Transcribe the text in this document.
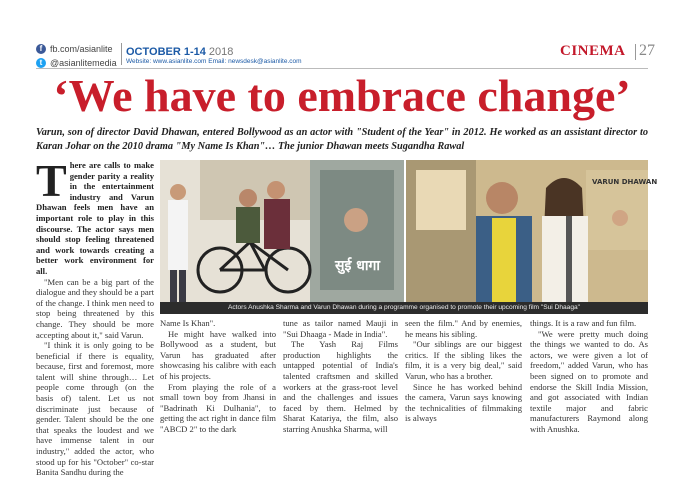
f fb.com/asianlite
t @asianlitemedia
OCTOBER 1-14 2018
Website: www.asianlite.com Email: newsdesk@asianlite.com
CINEMA 27
‘We have to embrace change’
Varun, son of director David Dhawan, entered Bollywood as an actor with "Student of the Year" in 2012. He worked as an assistant director to Karan Johar on the 2010 drama "My Name Is Khan"… The junior Dhawan meets Sugandha Rawal
T here are calls to make gender parity a reality in the entertainment industry and Varun Dhawan feels men have an important role to play in this discourse. The actor says men should stop feeling threatened and work towards creating a better work environment for all.

"Men can be a big part of the dialogue and they should be a part of the change. I think men need to stop being threatened by this change. They should be more accepting about it," said Varun.

"I think it is only going to be beneficial if there is equality, because, first and foremost, more talent will shine through… Let people come through (on the basis of) talent. Let us not discriminate just because of gender. Talent should be the one that speaks the loudest and we have immense talent in our industry," added the actor, who stood up for his "October" co-star Banita Sandhu during the

सुई धागा
VARUN DHAWAN
Actors Anushka Sharma and Varun Dhawan during a programme organised to promote their upcoming film "Sui Dhaaga"

Name Is Khan".

He might have walked into Bollywood as a student, but Varun has graduated after showcasing his calibre with each of his projects.

From playing the role of a small town boy from Jhansi in "Badrinath Ki Dulhania", to getting the act right in dance film "ABCD 2" to the dark

tune as tailor named Mauji in "Sui Dhaaga - Made in India".

The Yash Raj Films production highlights the untapped potential of India's talented craftsmen and skilled workers at the grass-root level and the challenges and issues faced by them. Helmed by Sharat Katariya, the film, also starring Anushka Sharma, will

seen the film." And by enemies, he means his sibling.

"Our siblings are our biggest critics. If the sibling likes the film, it is a very big deal," said Varun, who has a brother.

Since he has worked behind the camera, Varun says knowing the technicalities of filmmaking is always

things. It is a raw and fun film.

"We were pretty much doing the things we wanted to do. As actors, we were given a lot of freedom," added Varun, who has been signed on to promote and endorse the Skill India Mission, and got associated with Indian textile major and fabric manufacturers Raymond along with Anushka.
